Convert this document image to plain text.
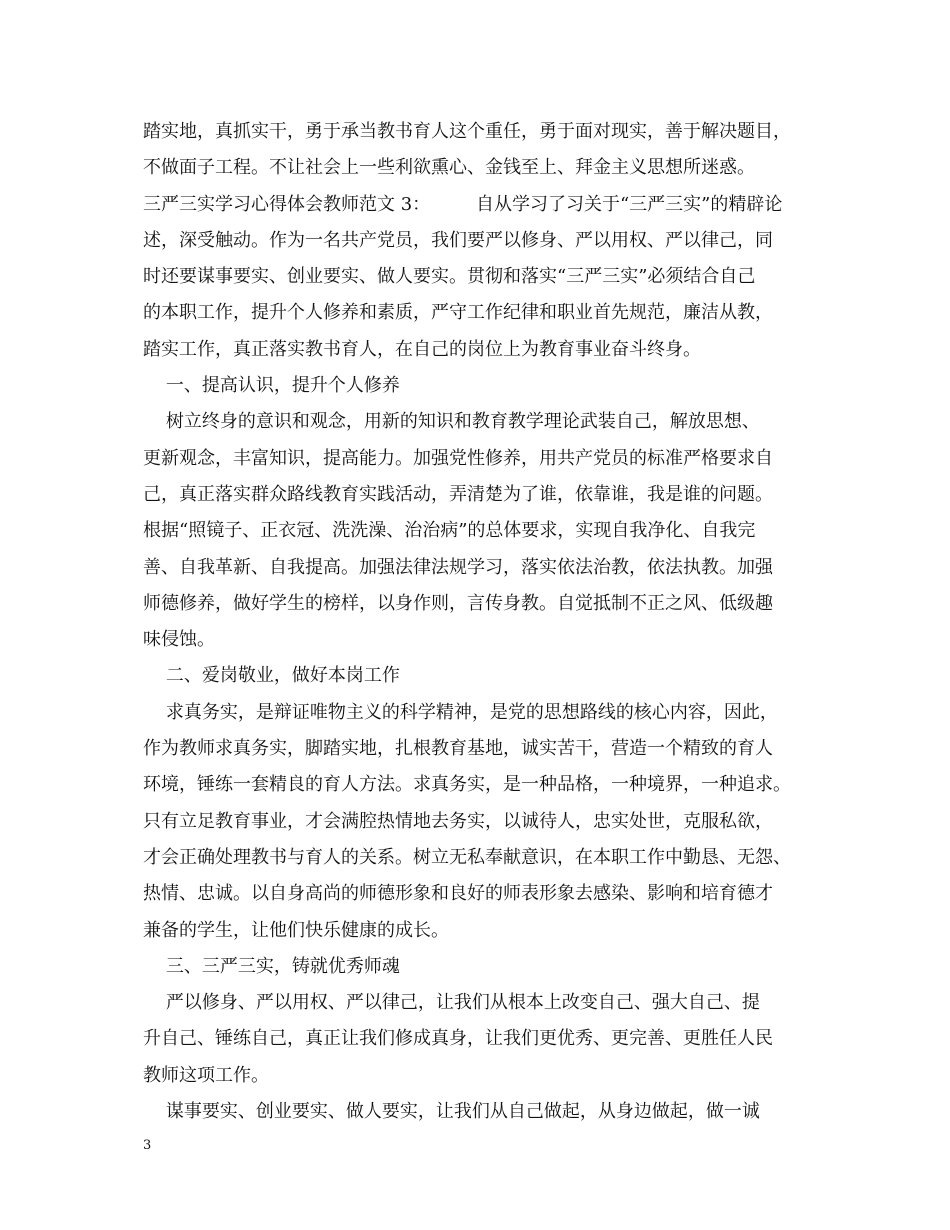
踏实地，真抓实干，勇于承当教书育人这个重任，勇于面对现实，善于解决题目，
不做面子工程。不让社会上一些利欲熏心、金钱至上、拜金主义思想所迷惑。
三严三实学习心得体会教师范文 3：        自从学习了习关于“三严三实”的精辟论
述，深受触动。作为一名共产党员，我们要严以修身、严以用权、严以律己，同
时还要谋事要实、创业要实、做人要实。贯彻和落实“三严三实”必须结合自己
的本职工作，提升个人修养和素质，严守工作纪律和职业首先规范，廉洁从教，
踏实工作，真正落实教书育人，在自己的岗位上为教育事业奋斗终身。
一、提高认识，提升个人修养
树立终身的意识和观念，用新的知识和教育教学理论武装自己，解放思想、
更新观念，丰富知识，提高能力。加强党性修养，用共产党员的标准严格要求自
己，真正落实群众路线教育实践活动，弄清楚为了谁，依靠谁，我是谁的问题。
根据“照镜子、正衣冠、洗洗澡、治治病”的总体要求，实现自我净化、自我完
善、自我革新、自我提高。加强法律法规学习，落实依法治教，依法执教。加强
师德修养，做好学生的榜样，以身作则，言传身教。自觉抵制不正之风、低级趣
味侵蚀。
二、爱岗敬业，做好本岗工作
求真务实，是辩证唯物主义的科学精神，是党的思想路线的核心内容，因此，
作为教师求真务实，脚踏实地，扎根教育基地，诚实苦干，营造一个精致的育人
环境，锤练一套精良的育人方法。求真务实，是一种品格，一种境界，一种追求。
只有立足教育事业，才会满腔热情地去务实，以诚待人，忠实处世，克服私欲，
才会正确处理教书与育人的关系。树立无私奉献意识，在本职工作中勤恳、无怨、
热情、忠诚。以自身高尚的师德形象和良好的师表形象去感染、影响和培育德才
兼备的学生，让他们快乐健康的成长。
三、三严三实，铸就优秀师魂
严以修身、严以用权、严以律己，让我们从根本上改变自己、强大自己、提
升自己、锤练自己，真正让我们修成真身，让我们更优秀、更完善、更胜任人民
教师这项工作。
谋事要实、创业要实、做人要实，让我们从自己做起，从身边做起，做一诚
3
